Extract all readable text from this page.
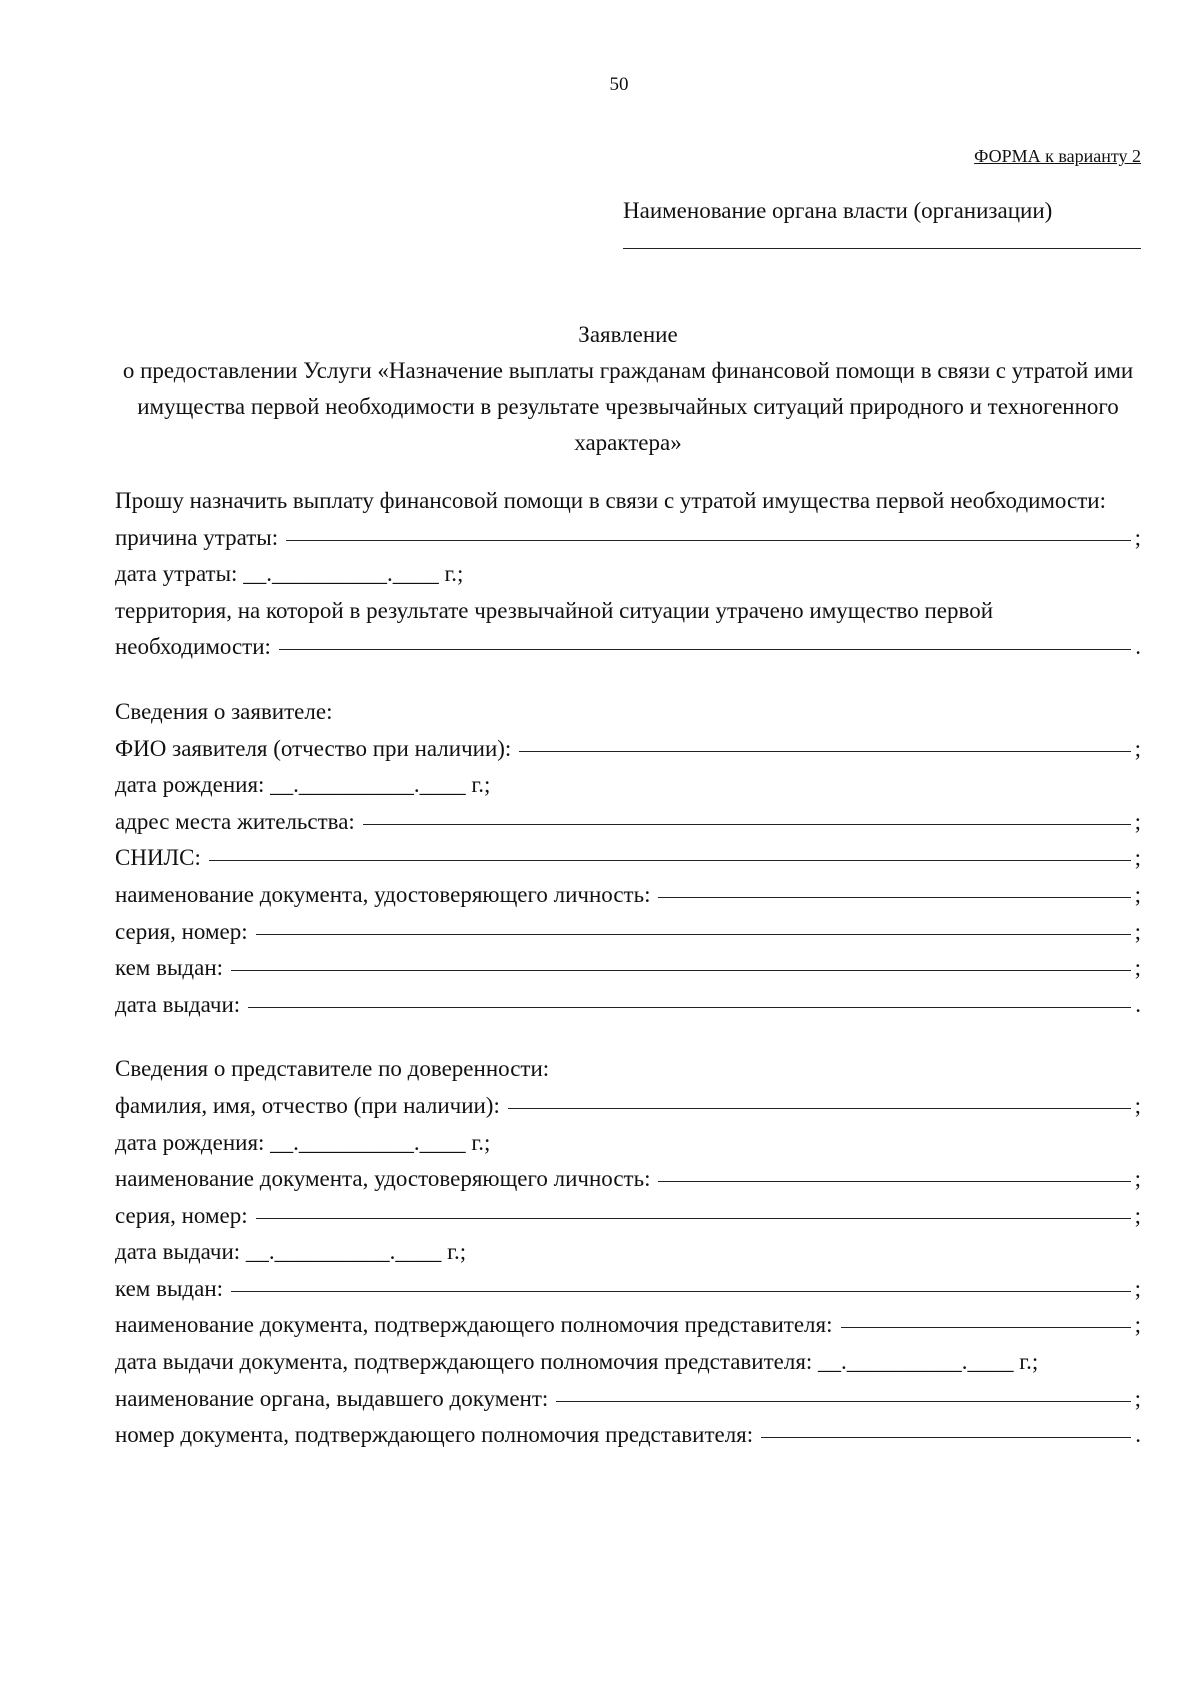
50
ФОРМА к варианту 2
Наименование органа власти (организации)
Заявление
о предоставлении Услуги «Назначение выплаты гражданам финансовой помощи в связи с утратой ими имущества первой необходимости в результате чрезвычайных ситуаций природного и техногенного характера»
Прошу назначить выплату финансовой помощи в связи с утратой имущества первой необходимости:
причина утраты:	;
дата утраты: __.__________.____ г.;
территория, на которой в результате чрезвычайной ситуации утрачено имущество первой
необходимости:	.
Сведения о заявителе:
ФИО заявителя (отчество при наличии):	;
дата рождения: __.__________.____ г.;
адрес места жительства:	;
СНИЛС:	;
наименование документа, удостоверяющего личность:	;
серия, номер:	;
кем выдан:	;
дата выдачи:	.
Сведения о представителе по доверенности:
фамилия, имя, отчество (при наличии):	;
дата рождения: __.__________.____ г.;
наименование документа, удостоверяющего личность:	;
серия, номер:	;
дата выдачи: __.__________.____ г.;
кем выдан:	;
наименование документа, подтверждающего полномочия представителя:	;
дата выдачи документа, подтверждающего полномочия представителя: __.__________.____ г.;
наименование органа, выдавшего документ:	;
номер документа, подтверждающего полномочия представителя:	.
